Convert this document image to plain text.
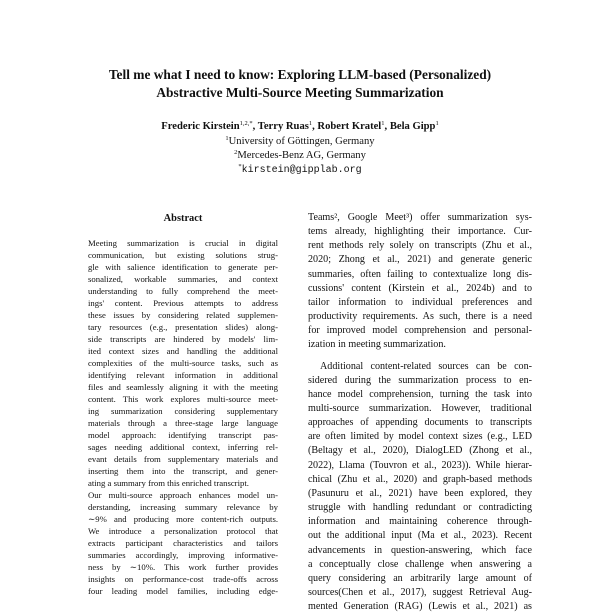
Tell me what I need to know: Exploring LLM-based (Personalized)
Abstractive Multi-Source Meeting Summarization
Frederic Kirstein$^{1,2,*}$, Terry Ruas$^1$, Robert Kratel$^1$, Bela Gipp$^1$
$^1$University of Göttingen, Germany
$^2$Mercedes-Benz AG, Germany
*kirstein@gipplab.org
Abstract
Meeting summarization is crucial in digital
communication, but existing solutions strug-
gle with salience identification to generate per-
sonalized, workable summaries, and context
understanding to fully comprehend the meet-
ings' content. Previous attempts to address
these issues by considering related supplemen-
tary resources (e.g., presentation slides) along-
side transcripts are hindered by models' lim-
ited context sizes and handling the additional
complexities of the multi-source tasks, such as
identifying relevant information in additional
files and seamlessly aligning it with the meeting
content. This work explores multi-source meet-
ing summarization considering supplementary
materials through a three-stage large language
model approach: identifying transcript pas-
sages needing additional context, inferring rel-
evant details from supplementary materials and
inserting them into the transcript, and gener-
ating a summary from this enriched transcript.
Our multi-source approach enhances model un-
derstanding, increasing summary relevance by
∼9% and producing more content-rich outputs.
We introduce a personalization protocol that
extracts participant characteristics and tailors
summaries accordingly, improving informative-
ness by ∼10%. This work further provides
insights on performance-cost trade-offs across
four leading model families, including edge-
Teams², Google Meet³) offer summarization sys-
tems already, highlighting their importance. Cur-
rent methods rely solely on transcripts (Zhu et al.,
2020; Zhong et al., 2021) and generate generic
summaries, often failing to contextualize long dis-
cussions' content (Kirstein et al., 2024b) and to
tailor information to individual preferences and
productivity requirements. As such, there is a need
for improved model comprehension and personal-
ization in meeting summarization.
Additional content-related sources can be con-
sidered during the summarization process to en-
hance model comprehension, turning the task into
multi-source summarization. However, traditional
approaches of appending documents to transcripts
are often limited by model context sizes (e.g., LED
(Beltagy et al., 2020), DialogLED (Zhong et al.,
2022), Llama (Touvron et al., 2023)). While hierar-
chical (Zhu et al., 2020) and graph-based methods
(Pasunuru et al., 2021) have been explored, they
struggle with handling redundant or contradicting
information and maintaining coherence through-
out the additional input (Ma et al., 2023). Recent
advancements in question-answering, which face
a conceptually close challenge when answering a
query considering an arbitrarily large amount of
sources(Chen et al., 2017), suggest Retrieval Aug-
mented Generation (RAG) (Lewis et al., 2021) as
